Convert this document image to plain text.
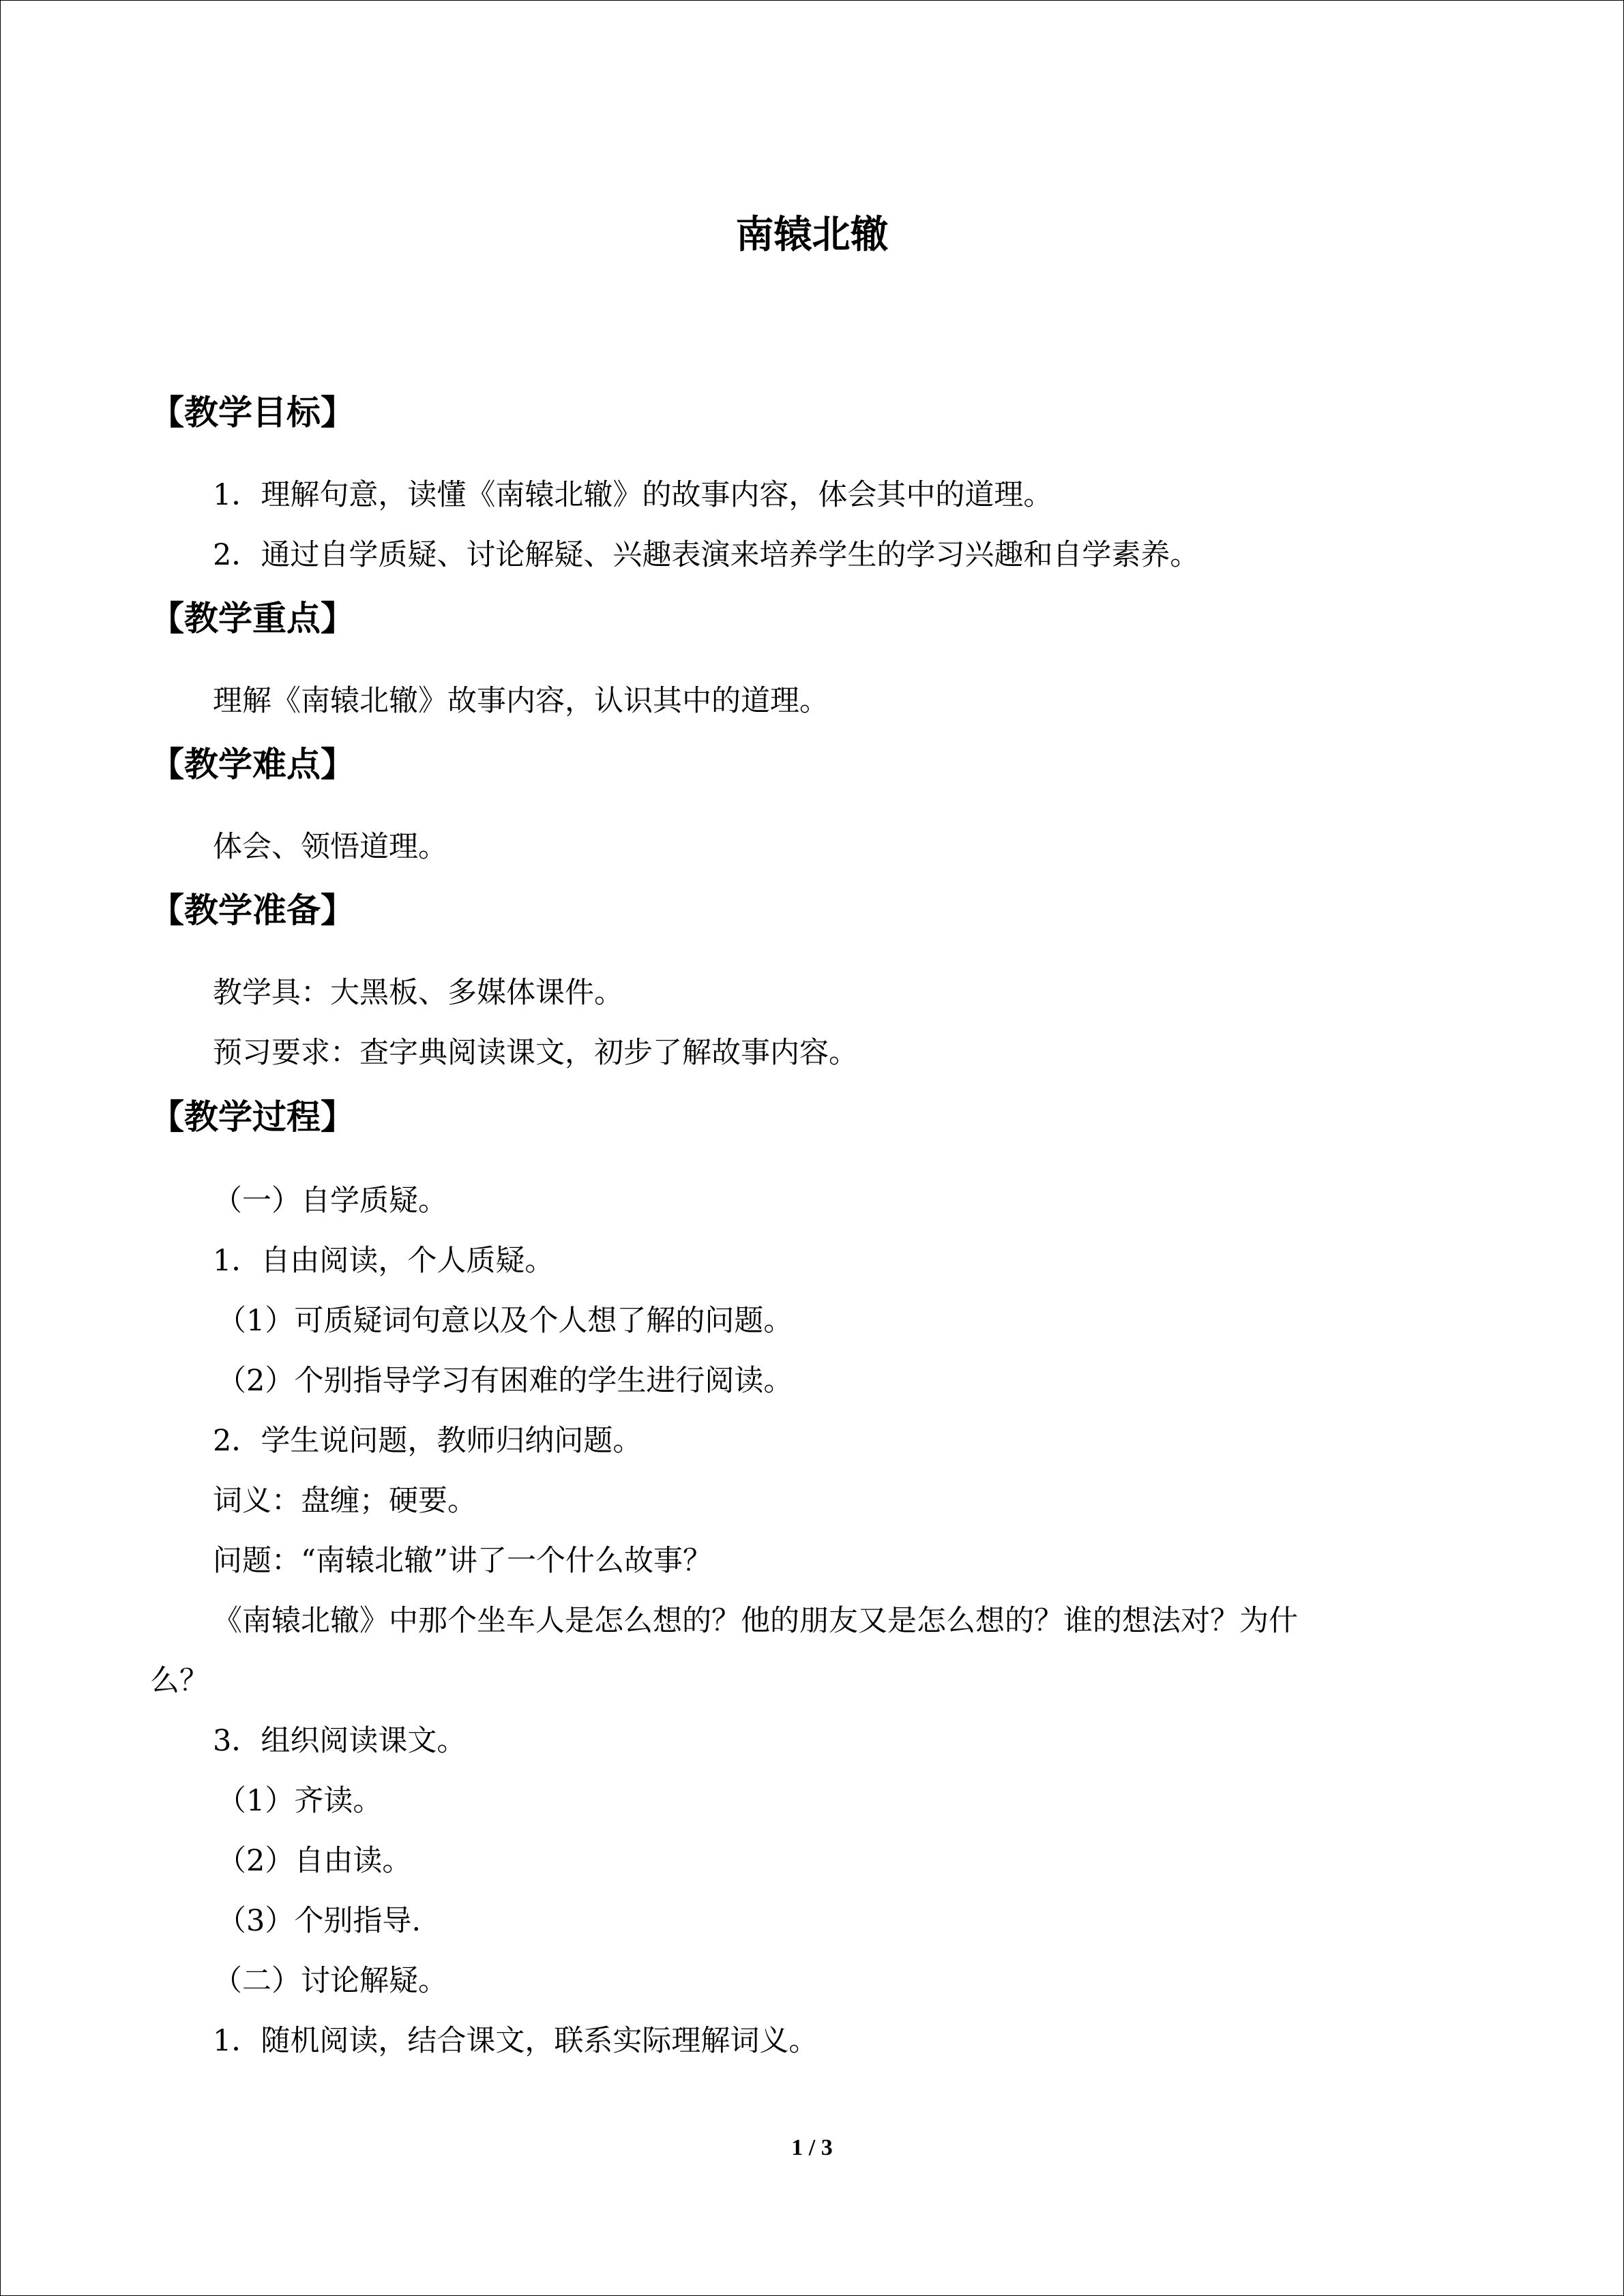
南辕北辙
【教学目标】
1．理解句意，读懂《南辕北辙》的故事内容，体会其中的道理。
2．通过自学质疑、讨论解疑、兴趣表演来培养学生的学习兴趣和自学素养。
【教学重点】
理解《南辕北辙》故事内容，认识其中的道理。
【教学难点】
体会、领悟道理。
【教学准备】
教学具：大黑板、多媒体课件。
预习要求：查字典阅读课文，初步了解故事内容。
【教学过程】
（一）自学质疑。
1．自由阅读，个人质疑。
（1）可质疑词句意以及个人想了解的问题。
（2）个别指导学习有困难的学生进行阅读。
2．学生说问题，教师归纳问题。
词义：盘缠；硬要。
问题：“南辕北辙”讲了一个什么故事？
《南辕北辙》中那个坐车人是怎么想的？他的朋友又是怎么想的？谁的想法对？为什
么？
3．组织阅读课文。
（1）齐读。
（2）自由读。
（3）个别指导.
（二）讨论解疑。
1．随机阅读，结合课文，联系实际理解词义。
1 / 3
